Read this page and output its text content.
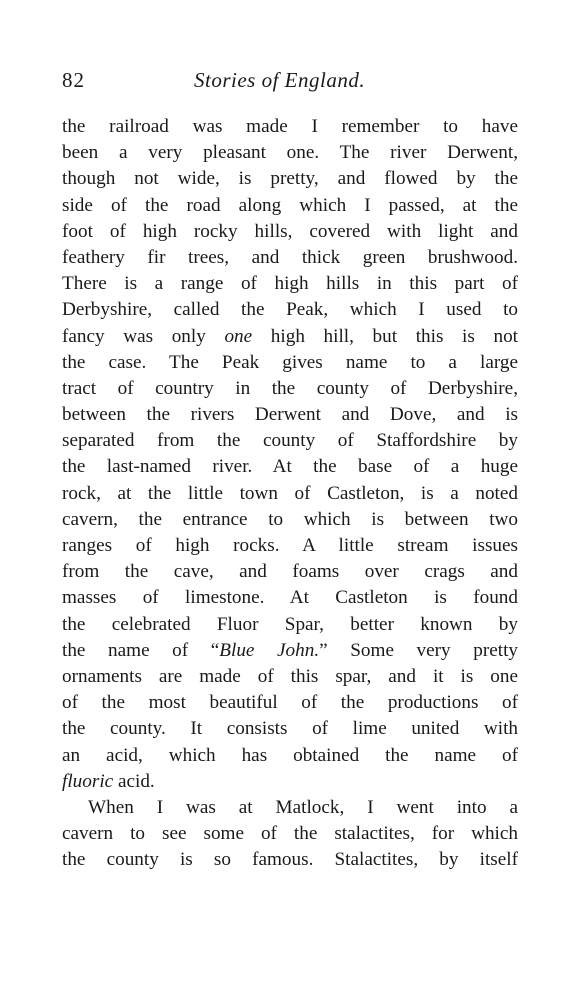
82	Stories of England.
the railroad was made I remember to have
been a very pleasant one. The river Derwent,
though not wide, is pretty, and flowed by the
side of the road along which I passed, at the
foot of high rocky hills, covered with light and
feathery fir trees, and thick green brushwood.
There is a range of high hills in this part of
Derbyshire, called the Peak, which I used to
fancy was only one high hill, but this is not
the case. The Peak gives name to a large
tract of country in the county of Derbyshire,
between the rivers Derwent and Dove, and is
separated from the county of Staffordshire by
the last-named river. At the base of a huge
rock, at the little town of Castleton, is a noted
cavern, the entrance to which is between two
ranges of high rocks. A little stream issues
from the cave, and foams over crags and
masses of limestone. At Castleton is found
the celebrated Fluor Spar, better known by
the name of “Blue John.” Some very pretty
ornaments are made of this spar, and it is one
of the most beautiful of the productions of
the county. It consists of lime united with
an acid, which has obtained the name of
fluoric acid.
When I was at Matlock, I went into a
cavern to see some of the stalactites, for which
the county is so famous. Stalactites, by itself
